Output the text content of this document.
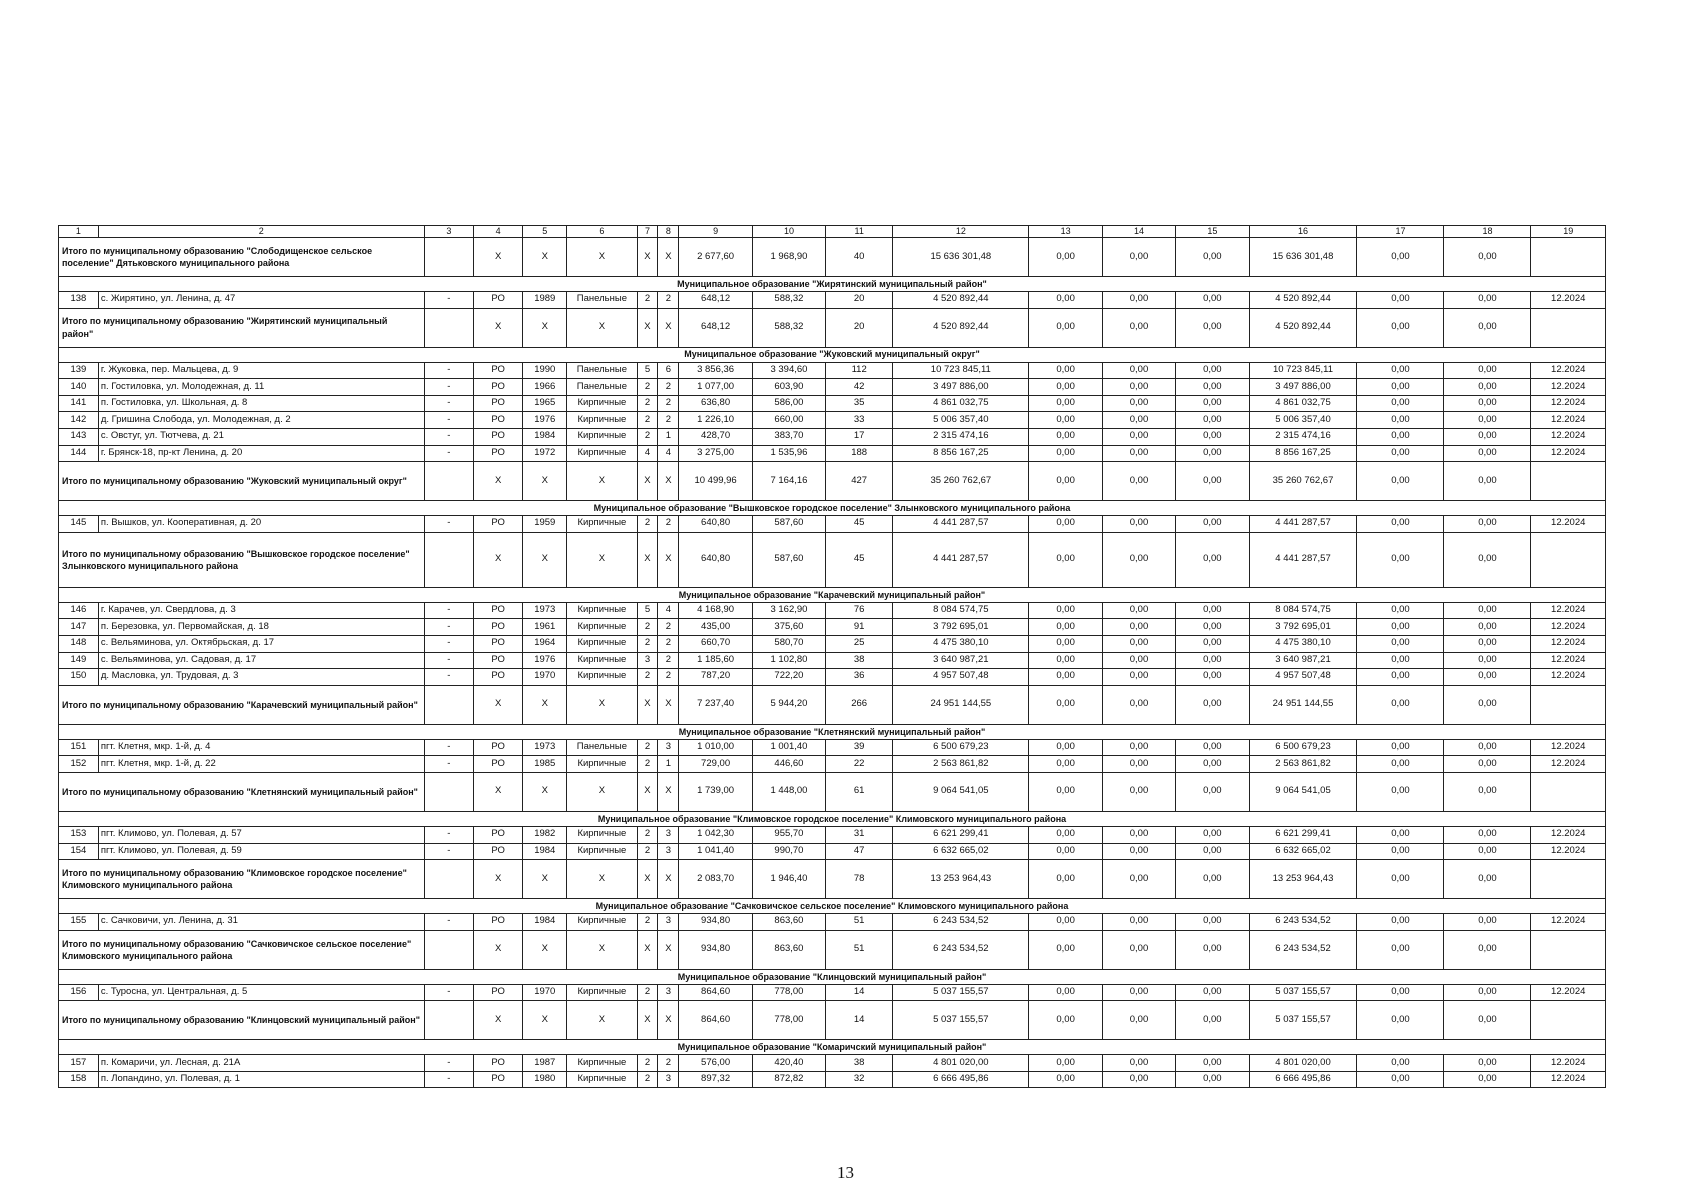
1	2	3	4	5	6	7	8	9	10	11	12	13	14	15	16	17	18	19
Итого по муниципальному образованию "Слободищенское сельское поселение" Дятьковского муниципального района			X	X	X	X	X	2 677,60	1 968,90	40	15 636 301,48	0,00	0,00	0,00	15 636 301,48	0,00	0,00	
Муниципальное образование "Жирятинский муниципальный район"																		
138	с. Жирятино, ул. Ленина, д. 47	-	РО	1989	Панельные	2	2	648,12	588,32	20	4 520 892,44	0,00	0,00	0,00	4 520 892,44	0,00	0,00	12.2024
Итого по муниципальному образованию "Жирятинский муниципальный район"			X	X	X	X	X	648,12	588,32	20	4 520 892,44	0,00	0,00	0,00	4 520 892,44	0,00	0,00	
Муниципальное образование "Жуковский муниципальный округ"																		
139	г. Жуковка, пер. Мальцева, д. 9	-	РО	1990	Панельные	5	6	3 856,36	3 394,60	112	10 723 845,11	0,00	0,00	0,00	10 723 845,11	0,00	0,00	12.2024
140	п. Гостиловка, ул. Молодежная, д. 11	-	РО	1966	Панельные	2	2	1 077,00	603,90	42	3 497 886,00	0,00	0,00	0,00	3 497 886,00	0,00	0,00	12.2024
141	п. Гостиловка, ул. Школьная, д. 8	-	РО	1965	Кирпичные	2	2	636,80	586,00	35	4 861 032,75	0,00	0,00	0,00	4 861 032,75	0,00	0,00	12.2024
142	д. Гришина Слобода, ул. Молодежная, д. 2	-	РО	1976	Кирпичные	2	2	1 226,10	660,00	33	5 006 357,40	0,00	0,00	0,00	5 006 357,40	0,00	0,00	12.2024
143	с. Овстуг, ул. Тютчева, д. 21	-	РО	1984	Кирпичные	2	1	428,70	383,70	17	2 315 474,16	0,00	0,00	0,00	2 315 474,16	0,00	0,00	12.2024
144	г. Брянск-18, пр-кт Ленина, д. 20	-	РО	1972	Кирпичные	4	4	3 275,00	1 535,96	188	8 856 167,25	0,00	0,00	0,00	8 856 167,25	0,00	0,00	12.2024
Итого по муниципальному образованию "Жуковский муниципальный округ"			X	X	X	X	X	10 499,96	7 164,16	427	35 260 762,67	0,00	0,00	0,00	35 260 762,67	0,00	0,00	
Муниципальное образование "Вышковское городское поселение" Злынковского муниципального района																		
145	п. Вышков, ул. Кооперативная, д. 20	-	РО	1959	Кирпичные	2	2	640,80	587,60	45	4 441 287,57	0,00	0,00	0,00	4 441 287,57	0,00	0,00	12.2024
Итого по муниципальному образованию "Вышковское городское поселение" Злынковского муниципального района			X	X	X	X	X	640,80	587,60	45	4 441 287,57	0,00	0,00	0,00	4 441 287,57	0,00	0,00	
Муниципальное образование "Карачевский муниципальный район"																		
146	г. Карачев, ул. Свердлова, д. 3	-	РО	1973	Кирпичные	5	4	4 168,90	3 162,90	76	8 084 574,75	0,00	0,00	0,00	8 084 574,75	0,00	0,00	12.2024
147	п. Березовка, ул. Первомайская, д. 18	-	РО	1961	Кирпичные	2	2	435,00	375,60	91	3 792 695,01	0,00	0,00	0,00	3 792 695,01	0,00	0,00	12.2024
148	с. Вельяминова, ул. Октябрьская, д. 17	-	РО	1964	Кирпичные	2	2	660,70	580,70	25	4 475 380,10	0,00	0,00	0,00	4 475 380,10	0,00	0,00	12.2024
149	с. Вельяминова, ул. Садовая, д. 17	-	РО	1976	Кирпичные	3	2	1 185,60	1 102,80	38	3 640 987,21	0,00	0,00	0,00	3 640 987,21	0,00	0,00	12.2024
150	д. Масловка, ул. Трудовая, д. 3	-	РО	1970	Кирпичные	2	2	787,20	722,20	36	4 957 507,48	0,00	0,00	0,00	4 957 507,48	0,00	0,00	12.2024
Итого по муниципальному образованию "Карачевский муниципальный район"			X	X	X	X	X	7 237,40	5 944,20	266	24 951 144,55	0,00	0,00	0,00	24 951 144,55	0,00	0,00	
Муниципальное образование "Клетнянский муниципальный район"																		
151	пгт. Клетня, мкр. 1-й, д. 4	-	РО	1973	Панельные	2	3	1 010,00	1 001,40	39	6 500 679,23	0,00	0,00	0,00	6 500 679,23	0,00	0,00	12.2024
152	пгт. Клетня, мкр. 1-й, д. 22	-	РО	1985	Кирпичные	2	1	729,00	446,60	22	2 563 861,82	0,00	0,00	0,00	2 563 861,82	0,00	0,00	12.2024
Итого по муниципальному образованию "Клетнянский муниципальный район"			X	X	X	X	X	1 739,00	1 448,00	61	9 064 541,05	0,00	0,00	0,00	9 064 541,05	0,00	0,00	
Муниципальное образование "Климовское городское поселение" Климовского муниципального района																		
153	пгт. Климово, ул. Полевая, д. 57	-	РО	1982	Кирпичные	2	3	1 042,30	955,70	31	6 621 299,41	0,00	0,00	0,00	6 621 299,41	0,00	0,00	12.2024
154	пгт. Климово, ул. Полевая, д. 59	-	РО	1984	Кирпичные	2	3	1 041,40	990,70	47	6 632 665,02	0,00	0,00	0,00	6 632 665,02	0,00	0,00	12.2024
Итого по муниципальному образованию "Климовское городское поселение" Климовского муниципального района			X	X	X	X	X	2 083,70	1 946,40	78	13 253 964,43	0,00	0,00	0,00	13 253 964,43	0,00	0,00	
Муниципальное образование "Сачковичское сельское поселение" Климовского муниципального района																		
155	с. Сачковичи, ул. Ленина, д. 31	-	РО	1984	Кирпичные	2	3	934,80	863,60	51	6 243 534,52	0,00	0,00	0,00	6 243 534,52	0,00	0,00	12.2024
Итого по муниципальному образованию "Сачковичское сельское поселение" Климовского муниципального района			X	X	X	X	X	934,80	863,60	51	6 243 534,52	0,00	0,00	0,00	6 243 534,52	0,00	0,00	
Муниципальное образование "Клинцовский муниципальный район"																		
156	с. Туросна, ул. Центральная, д. 5	-	РО	1970	Кирпичные	2	3	864,60	778,00	14	5 037 155,57	0,00	0,00	0,00	5 037 155,57	0,00	0,00	12.2024
Итого по муниципальному образованию "Клинцовский муниципальный район"			X	X	X	X	X	864,60	778,00	14	5 037 155,57	0,00	0,00	0,00	5 037 155,57	0,00	0,00	
Муниципальное образование "Комаричский муниципальный район"																		
157	п. Комаричи, ул. Лесная, д. 21А	-	РО	1987	Кирпичные	2	2	576,00	420,40	38	4 801 020,00	0,00	0,00	0,00	4 801 020,00	0,00	0,00	12.2024
158	п. Лопандино, ул. Полевая, д. 1	-	РО	1980	Кирпичные	2	3	897,32	872,82	32	6 666 495,86	0,00	0,00	0,00	6 666 495,86	0,00	0,00	12.2024
13
